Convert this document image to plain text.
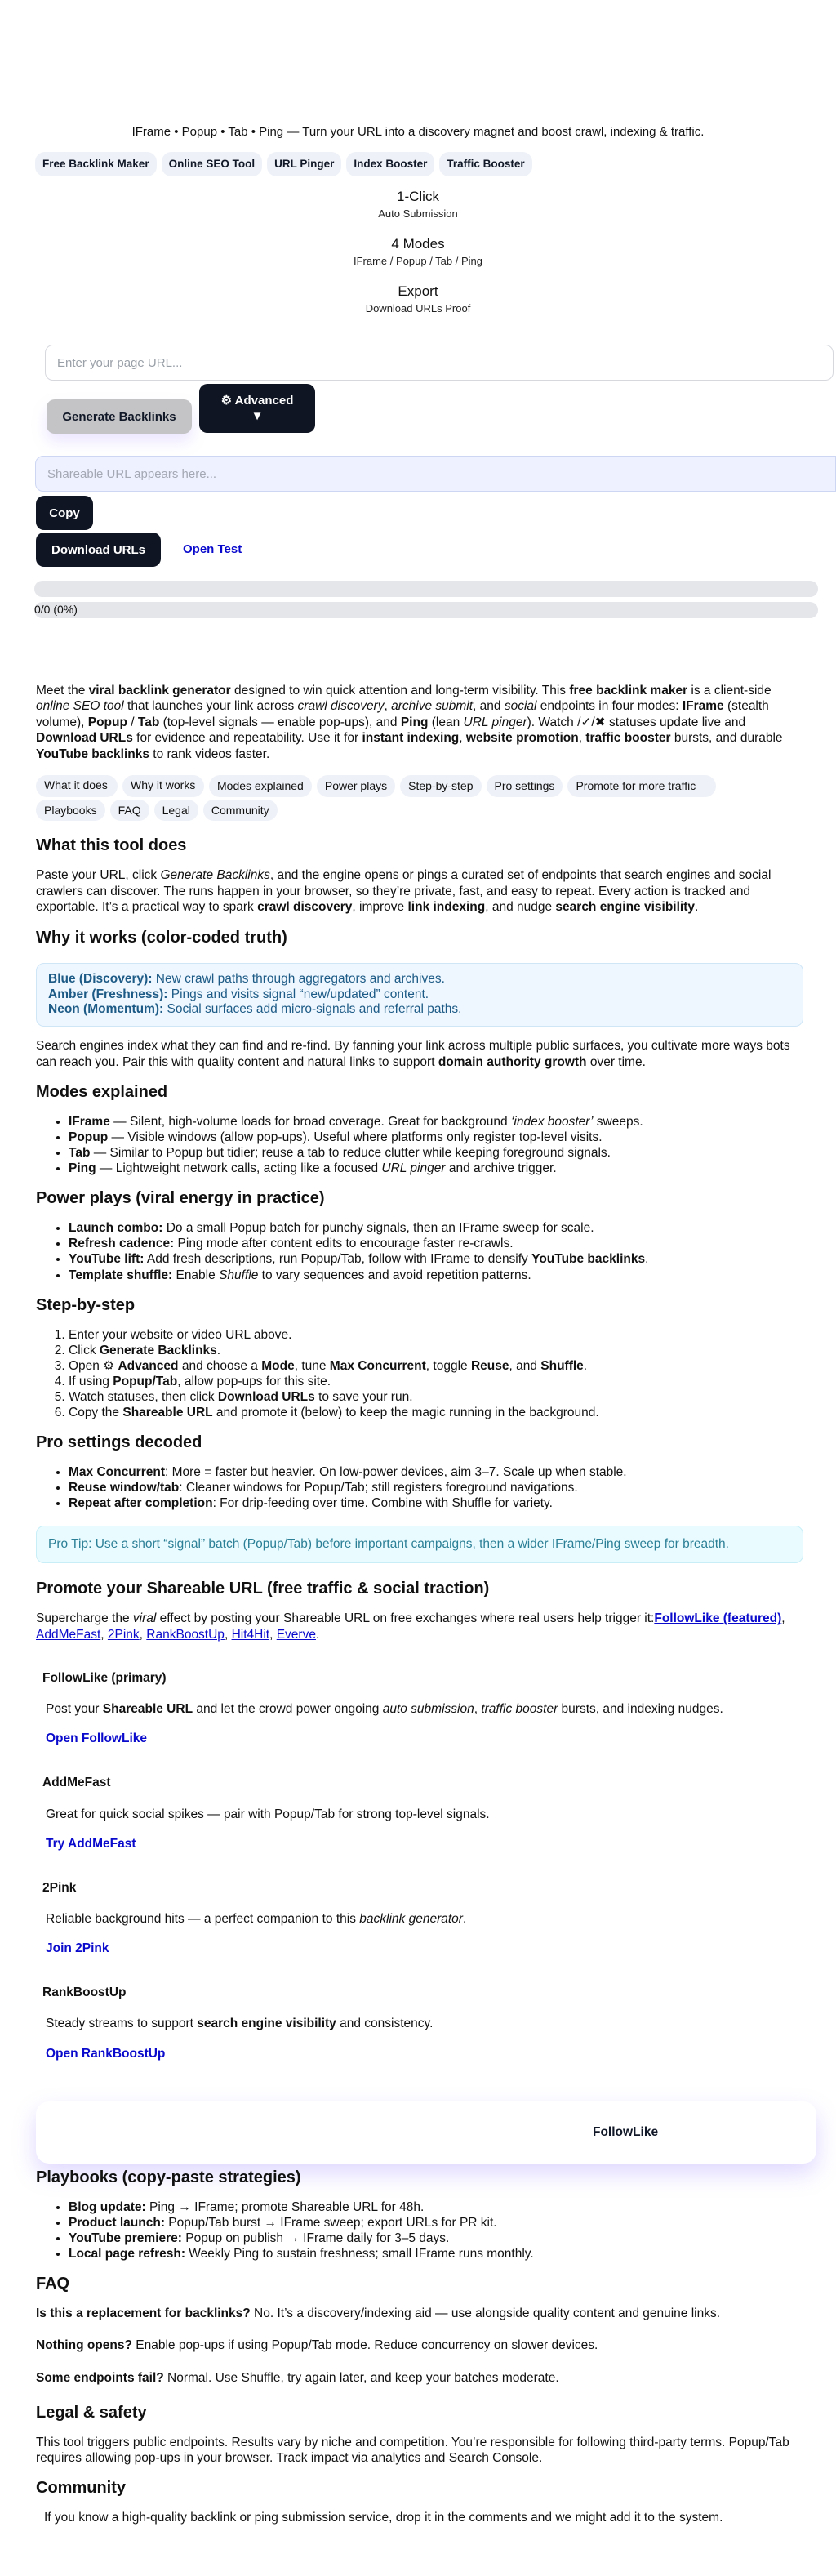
IFrame • Popup • Tab • Ping — Turn your URL into a discovery magnet and boost crawl, indexing & traffic.
Free Backlink Maker	Online SEO Tool	URL Pinger	Index Booster	Traffic Booster
1-Click
Auto Submission
4 Modes
IFrame / Popup / Tab / Ping
Export
Download URLs Proof
Enter your page URL...
Generate Backlinks
⚙ Advanced
▼
Shareable URL appears here...
Copy
Download URLs	Open Test
0/0 (0%)

Meet the viral backlink generator designed to win quick attention and long-term visibility. This free backlink maker is a client-side online SEO tool that launches your link across crawl discovery, archive submit, and social endpoints in four modes: IFrame (stealth volume), Popup / Tab (top-level signals — enable pop-ups), and Ping (lean URL pinger). Watch /✓/✖ statuses update live and Download URLs for evidence and repeatability. Use it for instant indexing, website promotion, traffic booster bursts, and durable YouTube backlinks to rank videos faster.

What it does	Why it works	Modes explained	Power plays	Step-by-step	Pro settings	Promote for more traffic
Playbooks	FAQ	Legal	Community
What this tool does

Paste your URL, click Generate Backlinks, and the engine opens or pings a curated set of endpoints that search engines and social crawlers can discover. The runs happen in your browser, so they’re private, fast, and easy to repeat. Every action is tracked and exportable. It’s a practical way to spark crawl discovery, improve link indexing, and nudge search engine visibility.

Why it works (color-coded truth)
Blue (Discovery): New crawl paths through aggregators and archives.
Amber (Freshness): Pings and visits signal “new/updated” content.
Neon (Momentum): Social surfaces add micro-signals and referral paths.

Search engines index what they can find and re-find. By fanning your link across multiple public surfaces, you cultivate more ways bots can reach you. Pair this with quality content and natural links to support domain authority growth over time.

Modes explained
• IFrame — Silent, high-volume loads for broad coverage. Great for background ‘index booster’ sweeps.
• Popup — Visible windows (allow pop-ups). Useful where platforms only register top-level visits.
• Tab — Similar to Popup but tidier; reuse a tab to reduce clutter while keeping foreground signals.
• Ping — Lightweight network calls, acting like a focused URL pinger and archive trigger.
Power plays (viral energy in practice)
• Launch combo: Do a small Popup batch for punchy signals, then an IFrame sweep for scale.
• Refresh cadence: Ping mode after content edits to encourage faster re-crawls.
• YouTube lift: Add fresh descriptions, run Popup/Tab, follow with IFrame to densify YouTube backlinks.
• Template shuffle: Enable Shuffle to vary sequences and avoid repetition patterns.
Step-by-step
1. Enter your website or video URL above.
2. Click Generate Backlinks.
3. Open ⚙ Advanced and choose a Mode, tune Max Concurrent, toggle Reuse, and Shuffle.
4. If using Popup/Tab, allow pop-ups for this site.
5. Watch statuses, then click Download URLs to save your run.
6. Copy the Shareable URL and promote it (below) to keep the magic running in the background.
Pro settings decoded
• Max Concurrent: More = faster but heavier. On low-power devices, aim 3–7. Scale up when stable.
• Reuse window/tab: Cleaner windows for Popup/Tab; still registers foreground navigations.
• Repeat after completion: For drip-feeding over time. Combine with Shuffle for variety.
Pro Tip: Use a short “signal” batch (Popup/Tab) before important campaigns, then a wider IFrame/Ping sweep for breadth.
Promote your Shareable URL (free traffic & social traction)

Supercharge the viral effect by posting your Shareable URL on free exchanges where real users help trigger it:FollowLike (featured), AddMeFast, 2Pink, RankBoostUp, Hit4Hit, Everve.

FollowLike (primary)

Post your Shareable URL and let the crowd power ongoing auto submission, traffic booster bursts, and indexing nudges.

Open FollowLike
AddMeFast

Great for quick social spikes — pair with Popup/Tab for strong top-level signals.

Try AddMeFast
2Pink

Reliable background hits — a perfect companion to this backlink generator.

Join 2Pink
RankBoostUp

Steady streams to support search engine visibility and consistency.

Open RankBoostUp
FollowLike
Playbooks (copy-paste strategies)
• Blog update: Ping → IFrame; promote Shareable URL for 48h.
• Product launch: Popup/Tab burst → IFrame sweep; export URLs for PR kit.
• YouTube premiere: Popup on publish → IFrame daily for 3–5 days.
• Local page refresh: Weekly Ping to sustain freshness; small IFrame runs monthly.
FAQ

Is this a replacement for backlinks? No. It’s a discovery/indexing aid — use alongside quality content and genuine links.

Nothing opens? Enable pop-ups if using Popup/Tab mode. Reduce concurrency on slower devices.

Some endpoints fail? Normal. Use Shuffle, try again later, and keep your batches moderate.

Legal & safety

This tool triggers public endpoints. Results vary by niche and competition. You’re responsible for following third-party terms. Popup/Tab requires allowing pop-ups in your browser. Track impact via analytics and Search Console.

Community

If you know a high-quality backlink or ping submission service, drop it in the comments and we might add it to the system.
